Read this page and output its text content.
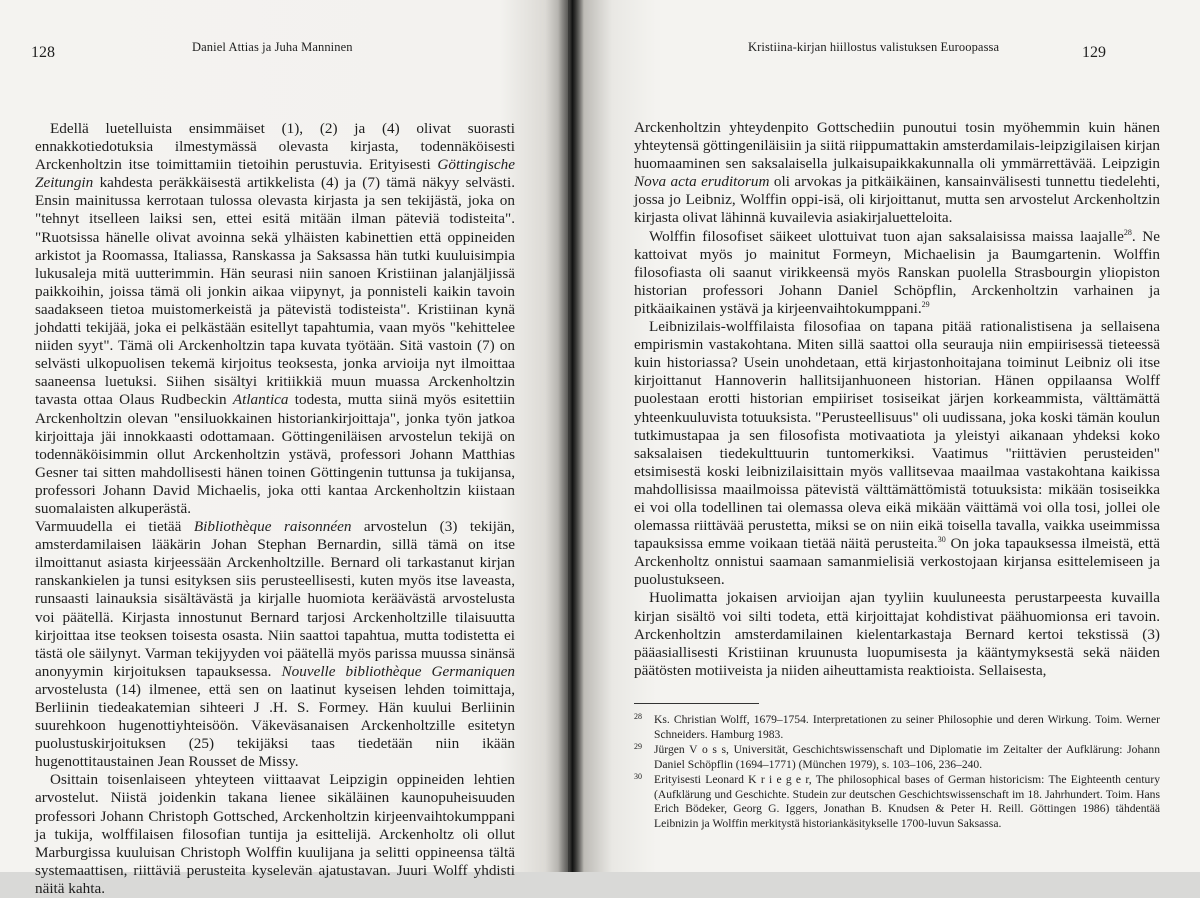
128	Daniel Attias ja Juha Manninen

Edellä luetelluista ensimmäiset (1), (2) ja (4) olivat suorasti ennakkotiedotuksia ilmestymässä olevasta kirjasta, todennäköisesti Arckenholtzin itse toimittamiin tietoihin perustuvia. Erityisesti Göttingische Zeitungin kahdesta peräkkäisestä artikkelista (4) ja (7) tämä näkyy selvästi. Ensin mainitussa kerrotaan tulossa olevasta kirjasta ja sen tekijästä, joka on "tehnyt itselleen laiksi sen, ettei esitä mitään ilman päteviä todisteita". "Ruotsissa hänelle olivat avoinna sekä ylhäisten kabinettien että oppineiden arkistot ja Roomassa, Italiassa, Ranskassa ja Saksassa hän tutki kuuluisimpia lukusaleja mitä uutterimmin. Hän seurasi niin sanoen Kristiinan jalanjäljissä paikkoihin, joissa tämä oli jonkin aikaa viipynyt, ja ponnisteli kaikin tavoin saadakseen tietoa muistomerkeistä ja pätevistä todisteista". Kristiinan kynä johdatti tekijää, joka ei pelkästään esitellyt tapahtumia, vaan myös "kehittelee niiden syyt". Tämä oli Arckenholtzin tapa kuvata työtään. Sitä vastoin (7) on selvästi ulkopuolisen tekemä kirjoitus teoksesta, jonka arvioija nyt ilmoittaa saaneensa luetuksi. Siihen sisältyi kritiikkiä muun muassa Arckenholtzin tavasta ottaa Olaus Rudbeckin Atlantica todesta, mutta siinä myös esitettiin Arckenholtzin olevan "ensiluokkainen historiankirjoittaja", jonka työn jatkoa kirjoittaja jäi innokkaasti odottamaan. Göttingeniläisen arvostelun tekijä on todennäköisimmin ollut Arckenholtzin ystävä, professori Johann Matthias Gesner tai sitten mahdollisesti hänen toinen Göttingenin tuttunsa ja tukijansa, professori Johann David Michaelis, joka otti kantaa Arckenholtzin kiistaan suomalaisten alkuperästä.

Varmuudella ei tietää Bibliothèque raisonnéen arvostelun (3) tekijän, amsterdamilaisen lääkärin Johan Stephan Bernardin, sillä tämä on itse ilmoittanut asiasta kirjeessään Arckenholtzille. Bernard oli tarkastanut kirjan ranskankielen ja tunsi esityksen siis perusteellisesti, kuten myös itse laveasta, runsaasti lainauksia sisältävästä ja kirjalle huomiota keräävästä arvostelusta voi päätellä. Kirjasta innostunut Bernard tarjosi Arckenholtzille tilaisuutta kirjoittaa itse teoksen toisesta osasta. Niin saattoi tapahtua, mutta todistetta ei tästä ole säilynyt. Varman tekijyyden voi päätellä myös parissa muussa sinänsä anonyymin kirjoituksen tapauksessa. Nouvelle bibliothèque Germaniquen arvostelusta (14) ilmenee, että sen on laatinut kyseisen lehden toimittaja, Berliinin tiedeakatemian sihteeri J .H. S. Formey. Hän kuului Berliinin suurehkoon hugenottiyhteisöön. Väkeväsanaisen Arckenholtzille esitetyn puolustuskirjoituksen (25) tekijäksi taas tiedetään niin ikään hugenottitaustainen Jean Rousset de Missy.

Osittain toisenlaiseen yhteyteen viittaavat Leipzigin oppineiden lehtien arvostelut. Niistä joidenkin takana lienee sikäläinen kaunopuheisuuden professori Johann Christoph Gottsched, Arckenholtzin kirjeenvaihtokumppani ja tukija, wolffilaisen filosofian tuntija ja esittelijä. Arckenholtz oli ollut Marburgissa kuuluisan Christoph Wolffin kuulijana ja selitti oppineensa tältä systemaattisen, riittäviä perusteita kyselevän ajatustavan. Juuri Wolff yhdisti näitä kahta.

Kristiina-kirjan hiillostus valistuksen Euroopassa	129

Arckenholtzin yhteydenpito Gottschediin punoutui tosin myöhemmin kuin hänen yhteytensä göttingeniläisiin ja siitä riippumattakin amsterdamilais-leipzigilaisen kirjan huomaaminen sen saksalaisella julkaisupaikkakunnalla oli ymmärrettävää. Leipzigin Nova acta eruditorum oli arvokas ja pitkäikäinen, kansainvälisesti tunnettu tiedelehti, jossa jo Leibniz, Wolffin oppi-isä, oli kirjoittanut, mutta sen arvostelut Arckenholtzin kirjasta olivat lähinnä kuvailevia asiakirjaluetteloita.

Wolffin filosofiset säikeet ulottuivat tuon ajan saksalaisissa maissa laajalle$^{28}$. Ne kattoivat myös jo mainitut Formeyn, Michaelisin ja Baumgartenin. Wolffin filosofiasta oli saanut virikkeensä myös Ranskan puolella Strasbourgin yliopiston historian professori Johann Daniel Schöpflin, Arckenholtzin varhainen ja pitkäaikainen ystävä ja kirjeenvaihtokumppani.$^{29}$

Leibnizilais-wolffilaista filosofiaa on tapana pitää rationalistisena ja sellaisena empirismin vastakohtana. Miten sillä saattoi olla seurauja niin empiirisessä tieteessä kuin historiassa? Usein unohdetaan, että kirjastonhoitajana toiminut Leibniz oli itse kirjoittanut Hannoverin hallitsijanhuoneen historian. Hänen oppilaansa Wolff puolestaan erotti historian empiiriset tosiseikat järjen korkeammista, välttämättä yhteenkuuluvista totuuksista. "Perusteellisuus" oli uudissana, joka koski tämän koulun tutkimustapaa ja sen filosofista motivaatiota ja yleistyi aikanaan yhdeksi koko saksalaisen tiedekulttuurin tuntomerkiksi. Vaatimus "riittävien perusteiden" etsimisestä koski leibnizilaisittain myös vallitsevaa maailmaa vastakohtana kaikissa mahdollisissa maailmoissa pätevistä välttämättömistä totuuksista: mikään tosiseikka ei voi olla todellinen tai olemassa oleva eikä mikään väittämä voi olla tosi, jollei ole olemassa riittävää perustetta, miksi se on niin eikä toisella tavalla, vaikka useimmissa tapauksissa emme voikaan tietää näitä perusteita.$^{30}$ On joka tapauksessa ilmeistä, että Arckenholtz onnistui saamaan samanmielisiä verkostojaan kirjansa esittelemiseen ja puolustukseen.

Huolimatta jokaisen arvioijan ajan tyyliin kuuluneesta perustarpeesta kuvailla kirjan sisältö voi silti todeta, että kirjoittajat kohdistivat päähuomionsa eri tavoin. Arckenholtzin amsterdamilainen kielentarkastaja Bernard kertoi tekstissä (3) pääasiallisesti Kristiinan kruunusta luopumisesta ja kääntymyksestä sekä näiden päätösten motiiveista ja niiden aiheuttamista reaktioista. Sellaisesta,

28 Ks. Christian Wolff, 1679–1754. Interpretationen zu seiner Philosophie und deren Wirkung. Toim. Werner Schneiders. Hamburg 1983.
29 Jürgen V o s s, Universität, Geschichtswissenschaft und Diplomatie im Zeitalter der Aufklärung: Johann Daniel Schöpflin (1694–1771) (München 1979), s. 103–106, 236–240.
30 Erityisesti Leonard K r i e g e r, The philosophical bases of German historicism: The Eighteenth century (Aufklärung und Geschichte. Studein zur deutschen Geschichtswissenschaft im 18. Jahrhundert. Toim. Hans Erich Bödeker, Georg G. Iggers, Jonathan B. Knudsen & Peter H. Reill. Göttingen 1986) tähdentää Leibnizin ja Wolffin merkitystä historiankäsitykselle 1700-luvun Saksassa.
